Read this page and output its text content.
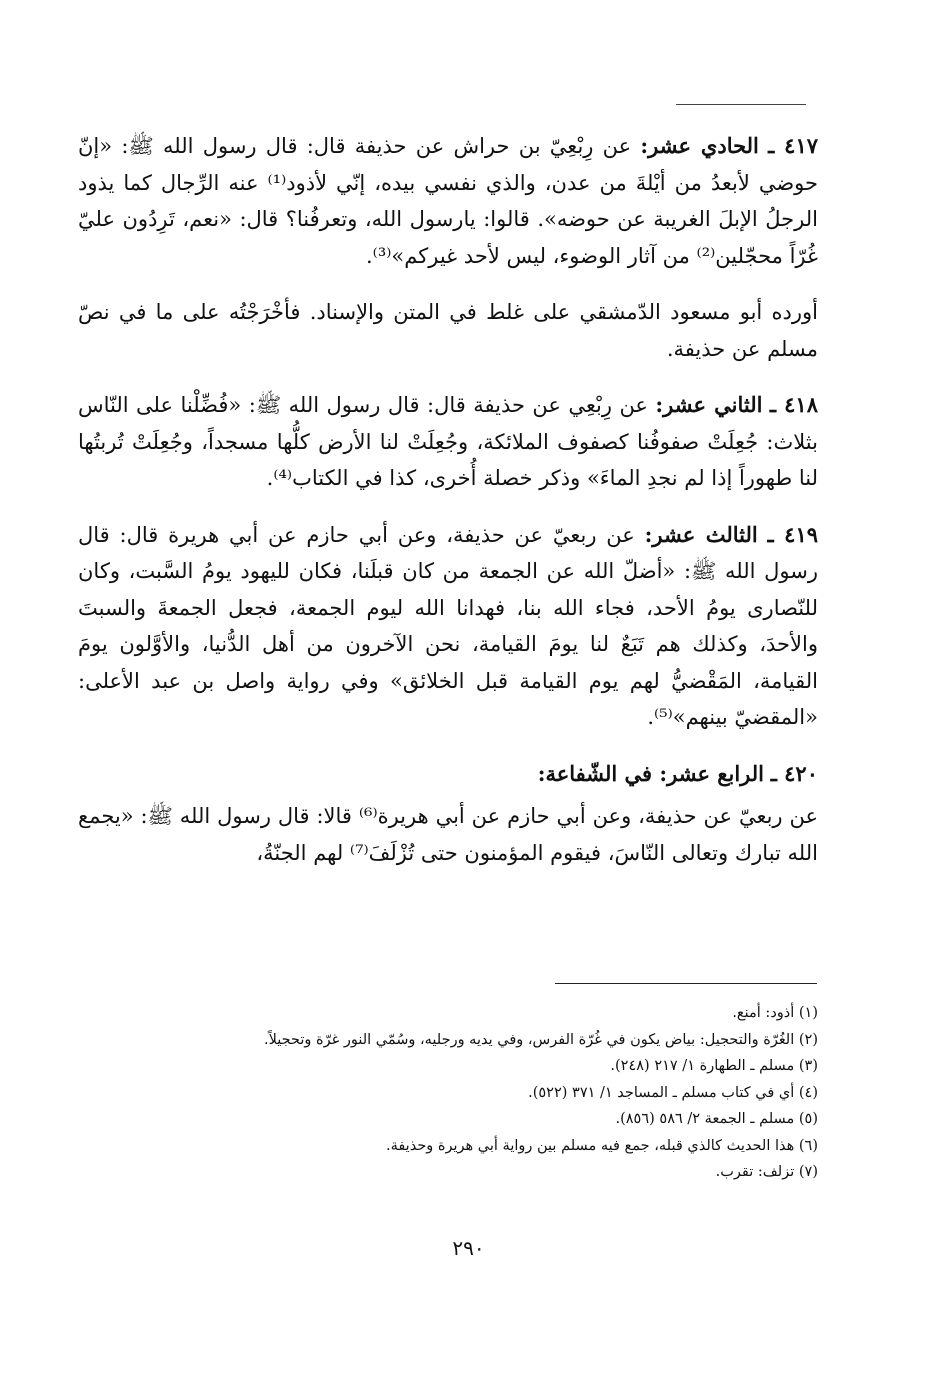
٤١٧ ـ الحادي عشر: عن رِبْعِيّ بن حراش عن حذيفة قال: قال رسول الله ﷺ: «إنّ حوضي لأبعدُ من أيْلةَ من عدن، والذي نفسي بيده، إنّي لأذود⁽¹⁾ عنه الرِّجال كما يذود الرجلُ الإبلَ الغريبة عن حوضه». قالوا: يارسول الله، وتعرفُنا؟ قال: «نعم، تَرِدُون عليّ غُرّاً محجّلين⁽²⁾ من آثار الوضوء، ليس لأحد غيركم»⁽³⁾.

أورده أبو مسعود الدّمشقي على غلط في المتن والإسناد. فأخْرَجْتُه على ما في نصّ مسلم عن حذيفة.

٤١٨ ـ الثاني عشر: عن رِبْعِي عن حذيفة قال: قال رسول الله ﷺ: «فُضِّلْنا على النّاس بثلاث: جُعِلَتْ صفوفُنا كصفوف الملائكة، وجُعِلَتْ لنا الأرض كلُّها مسجداً، وجُعِلَتْ تُربتُها لنا طهوراً إذا لم نجدِ الماءَ» وذكر خصلة أُخرى، كذا في الكتاب⁽⁴⁾.

٤١٩ ـ الثالث عشر: عن ربعيّ عن حذيفة، وعن أبي حازم عن أبي هريرة قال: قال رسول الله ﷺ: «أضلّ الله عن الجمعة من كان قبلَنا، فكان لليهود يومُ السَّبت، وكان للنّصارى يومُ الأحد، فجاء الله بنا، فهدانا الله ليوم الجمعة، فجعل الجمعةَ والسبتَ والأحدَ، وكذلك هم تَبَعٌ لنا يومَ القيامة، نحن الآخرون من أهل الدُّنيا، والأوَّلون يومَ القيامة، المَقْضيُّ لهم يوم القيامة قبل الخلائق» وفي رواية واصل بن عبد الأعلى: «المقضيّ بينهم»⁽⁵⁾.

٤٢٠ ـ الرابع عشر: في الشّفاعة:

عن ربعيّ عن حذيفة، وعن أبي حازم عن أبي هريرة⁽⁶⁾ قالا: قال رسول الله ﷺ: «يجمع الله تبارك وتعالى النّاسَ، فيقوم المؤمنون حتى تُزْلَفَ⁽⁷⁾ لهم الجنّةُ،

(١) أذود: أمنع.
(٢) الغُرّة والتحجيل: بياض يكون في غُرّة الفرس، وفي يديه ورجليه، وسُمّي النور غرّة وتحجيلاً.
(٣) مسلم ـ الطهارة ١/ ٢١٧ (٢٤٨).
(٤) أي في كتاب مسلم ـ المساجد ١/ ٣٧١ (٥٢٢).
(٥) مسلم ـ الجمعة ٢/ ٥٨٦ (٨٥٦).
(٦) هذا الحديث كالذي قبله، جمع فيه مسلم بين رواية أبي هريرة وحذيفة.
(٧) تزلف: تقرب.
٢٩٠
